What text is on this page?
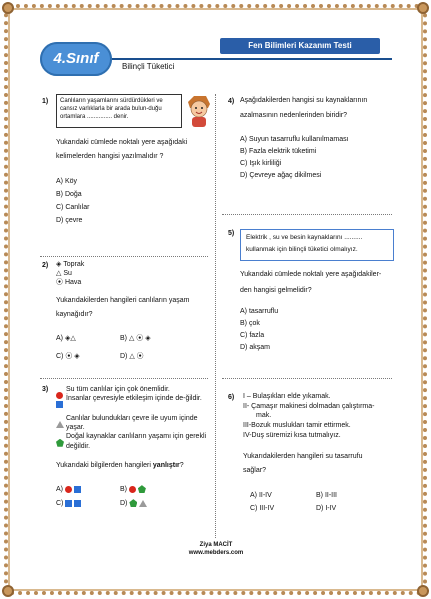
4.Sınıf
Fen Bilimleri Kazanım Testi
Bilinçli Tüketici
1)	Canlıların yaşamlarını sürdürdükleri ve cansız varlıklarla bir arada bulun-duğu ortamlara ............... denir.
Yukarıdaki cümlede noktalı yere aşağıdaki
kelimelerden hangisi yazılmalıdır ?
A) Köy
B) Doğa
C) Canlılar
D) çevre
2) ◈ Toprak
△ Su
⦿ Hava
Yukarıdakilerden hangileri canlıların yaşam
kaynağıdır?
A) ◈△	B) △ ⦿ ◈
C) ⦿ ◈	D) △ ⦿
3)	Su tüm canlılar için çok önemlidir.
İnsanlar çevresiyle etkileşim içinde de-ğildir.
Canlılar bulundukları çevre ile uyum içinde yaşar.
Doğal kaynaklar canlıların yaşamı için gerekli değildir.
Yukarıdaki bilgilerden hangileri yanlıştır?
A)	B)
C)	D)
4) Aşağıdakilerden hangisi su kaynaklarının
azalmasının nedenlerinden biridir?
A) Suyun tasarruflu kullanılmaması
B) Fazla elektrik tüketimi
C) Işık kirliliği
D) Çevreye ağaç dikilmesi
5)
Elektrik , su ve besin kaynaklarını ..........
kullanmak için bilinçli tüketici olmalıyız.
Yukarıdaki cümlede noktalı yere aşağıdakiler-
den hangisi gelmelidir?
A) tasarruflu
B) çok
C) fazla
D) akşam
6) I – Bulaşıkları elde yıkamak.
II- Çamaşır makinesi dolmadan çalıştırma-
mak.
III-Bozuk muslukları tamir ettirmek.
IV-Duş süremizi kısa tutmalıyız.
Yukarıdakilerden hangileri su tasarrufu
sağlar?
A) II-IV	B) II-III
C) III-IV	D) I-IV
Ziya MACİT
www.mebders.com
